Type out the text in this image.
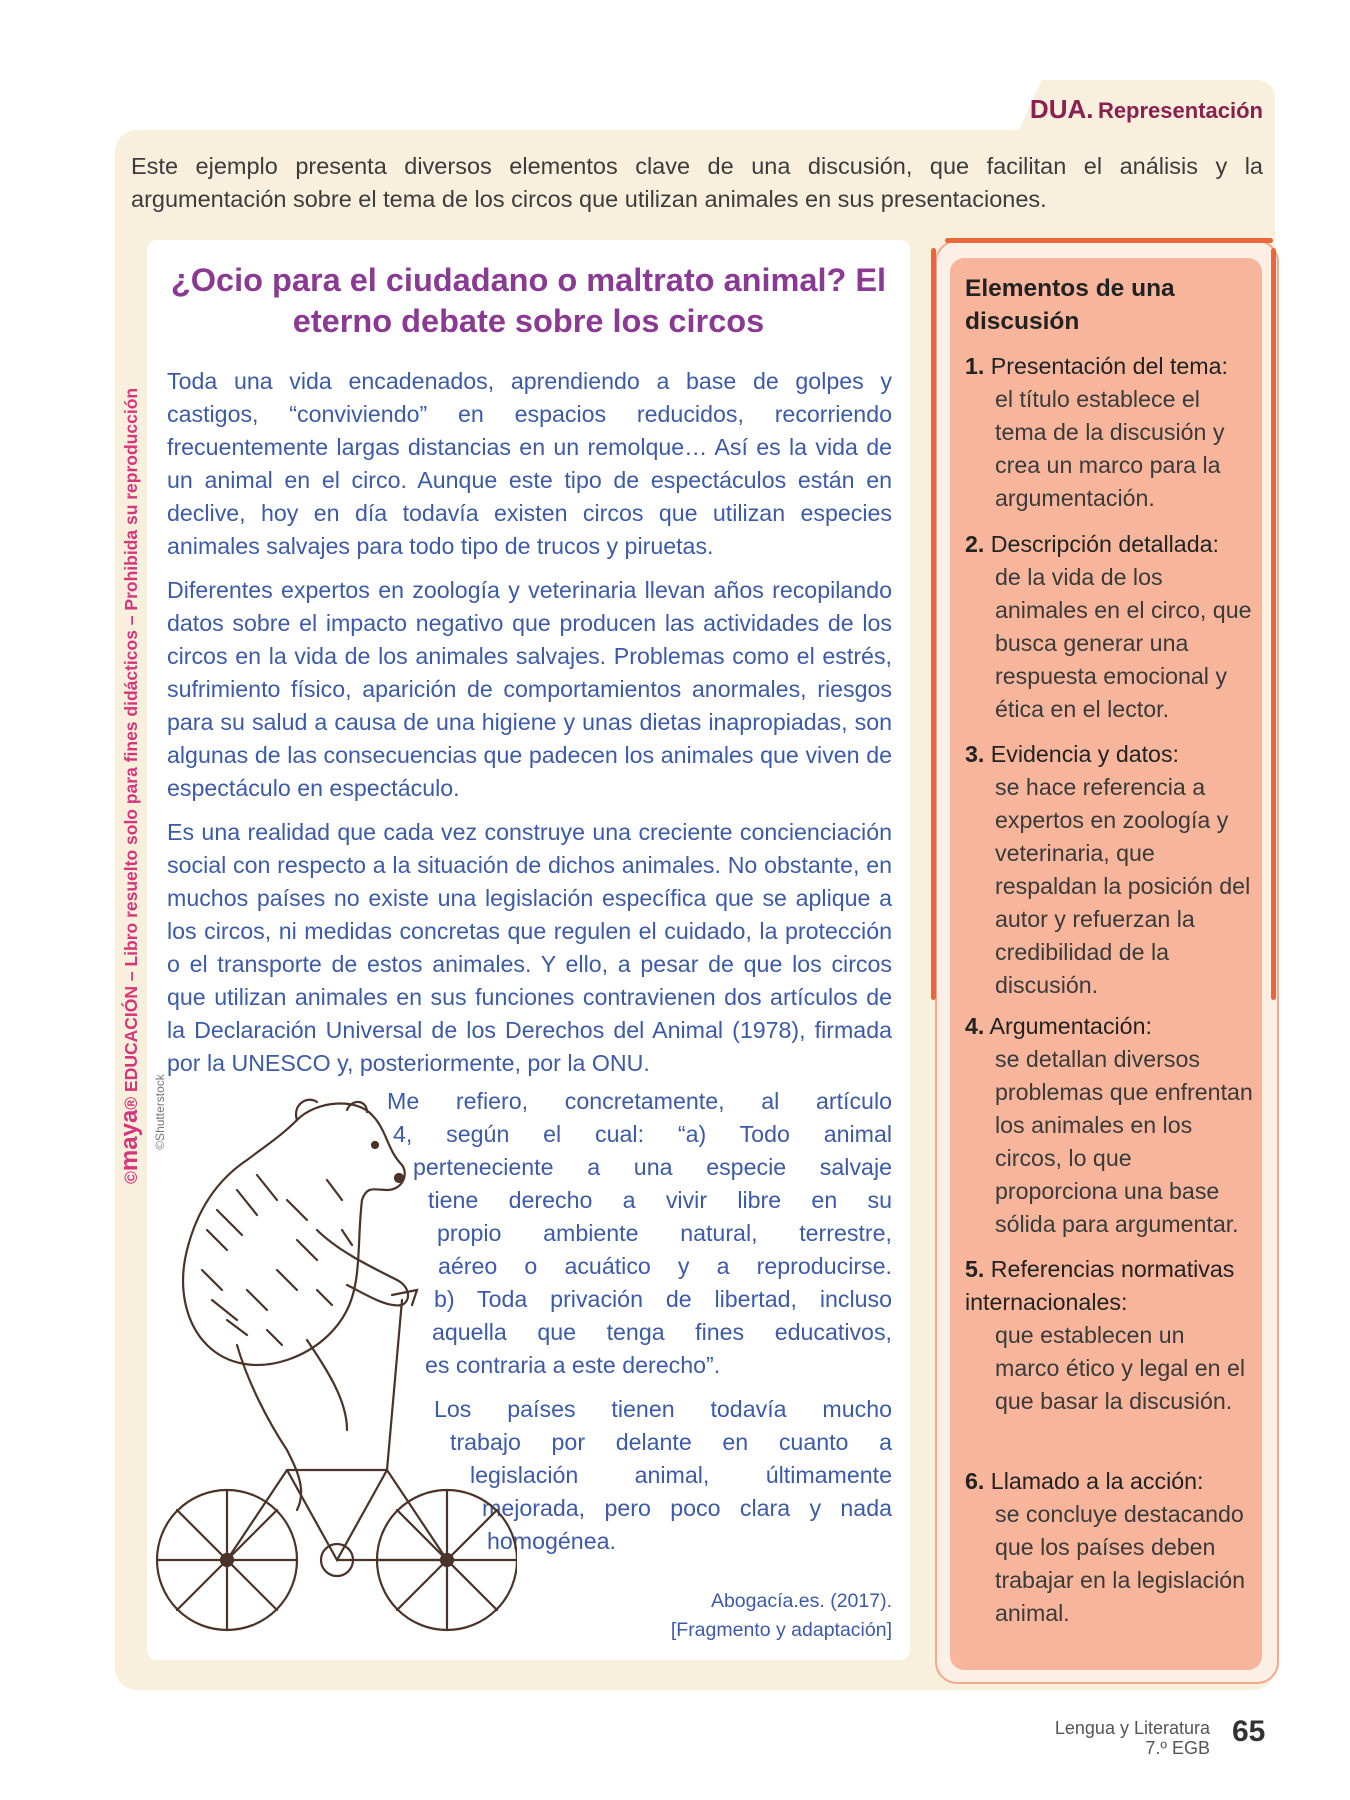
DUA. Representación

Este ejemplo presenta diversos elementos clave de una discusión, que facilitan el análisis y la argumentación sobre el tema de los circos que utilizan animales en sus presentaciones.

¿Ocio para el ciudadano o maltrato animal? El eterno debate sobre los circos

Toda una vida encadenados, aprendiendo a base de golpes y castigos, “conviviendo” en espacios reducidos, recorriendo frecuentemente largas distancias en un remolque… Así es la vida de un animal en el circo. Aunque este tipo de espectáculos están en declive, hoy en día todavía existen circos que utilizan especies animales salvajes para todo tipo de trucos y piruetas.

Diferentes expertos en zoología y veterinaria llevan años recopilando datos sobre el impacto negativo que producen las actividades de los circos en la vida de los animales salvajes. Problemas como el estrés, sufrimiento físico, aparición de comportamientos anormales, riesgos para su salud a causa de una higiene y unas dietas inapropiadas, son algunas de las consecuencias que padecen los animales que viven de espectáculo en espectáculo.

Es una realidad que cada vez construye una creciente concienciación social con respecto a la situación de dichos animales. No obstante, en muchos países no existe una legislación específica que se aplique a los circos, ni medidas concretas que regulen el cuidado, la protección o el transporte de estos animales. Y ello, a pesar de que los circos que utilizan animales en sus funciones contravienen dos artículos de la Declaración Universal de los Derechos del Animal (1978), firmada por la UNESCO y, posteriormente, por la ONU.

Me refiero, concretamente, al artículo
4, según el cual: “a) Todo animal
perteneciente a una especie salvaje
tiene derecho a vivir libre en su
propio ambiente natural, terrestre,
aéreo o acuático y a reproducirse.
b) Toda privación de libertad, incluso
aquella que tenga fines educativos,
es contraria a este derecho”.
Los países tienen todavía mucho
trabajo por delante en cuanto a
legislación animal, últimamente
mejorada, pero poco clara y nada
homogénea.
Abogacía.es. (2017).
[Fragmento y adaptación]
©Shutterstock
Elementos de una discusión
1. Presentación del tema:
el título establece el tema de la discusión y crea un marco para la argumentación.
2. Descripción detallada:
de la vida de los animales en el circo, que busca generar una respuesta emocional y ética en el lector.
3. Evidencia y datos:
se hace referencia a expertos en zoología y veterinaria, que respaldan la posición del autor y refuerzan la credibilidad de la discusión.
4. Argumentación:
se detallan diversos problemas que enfrentan los animales en los circos, lo que proporciona una base sólida para argumentar.
5. Referencias normativas internacionales:
que establecen un marco ético y legal en el que basar la discusión.
6. Llamado a la acción:
se concluye destacando que los países deben trabajar en la legislación animal.
©maya® EDUCACIÓN – Libro resuelto solo para fines didácticos – Prohibida su reproducción
Lengua y Literatura
7.º EGB 65
